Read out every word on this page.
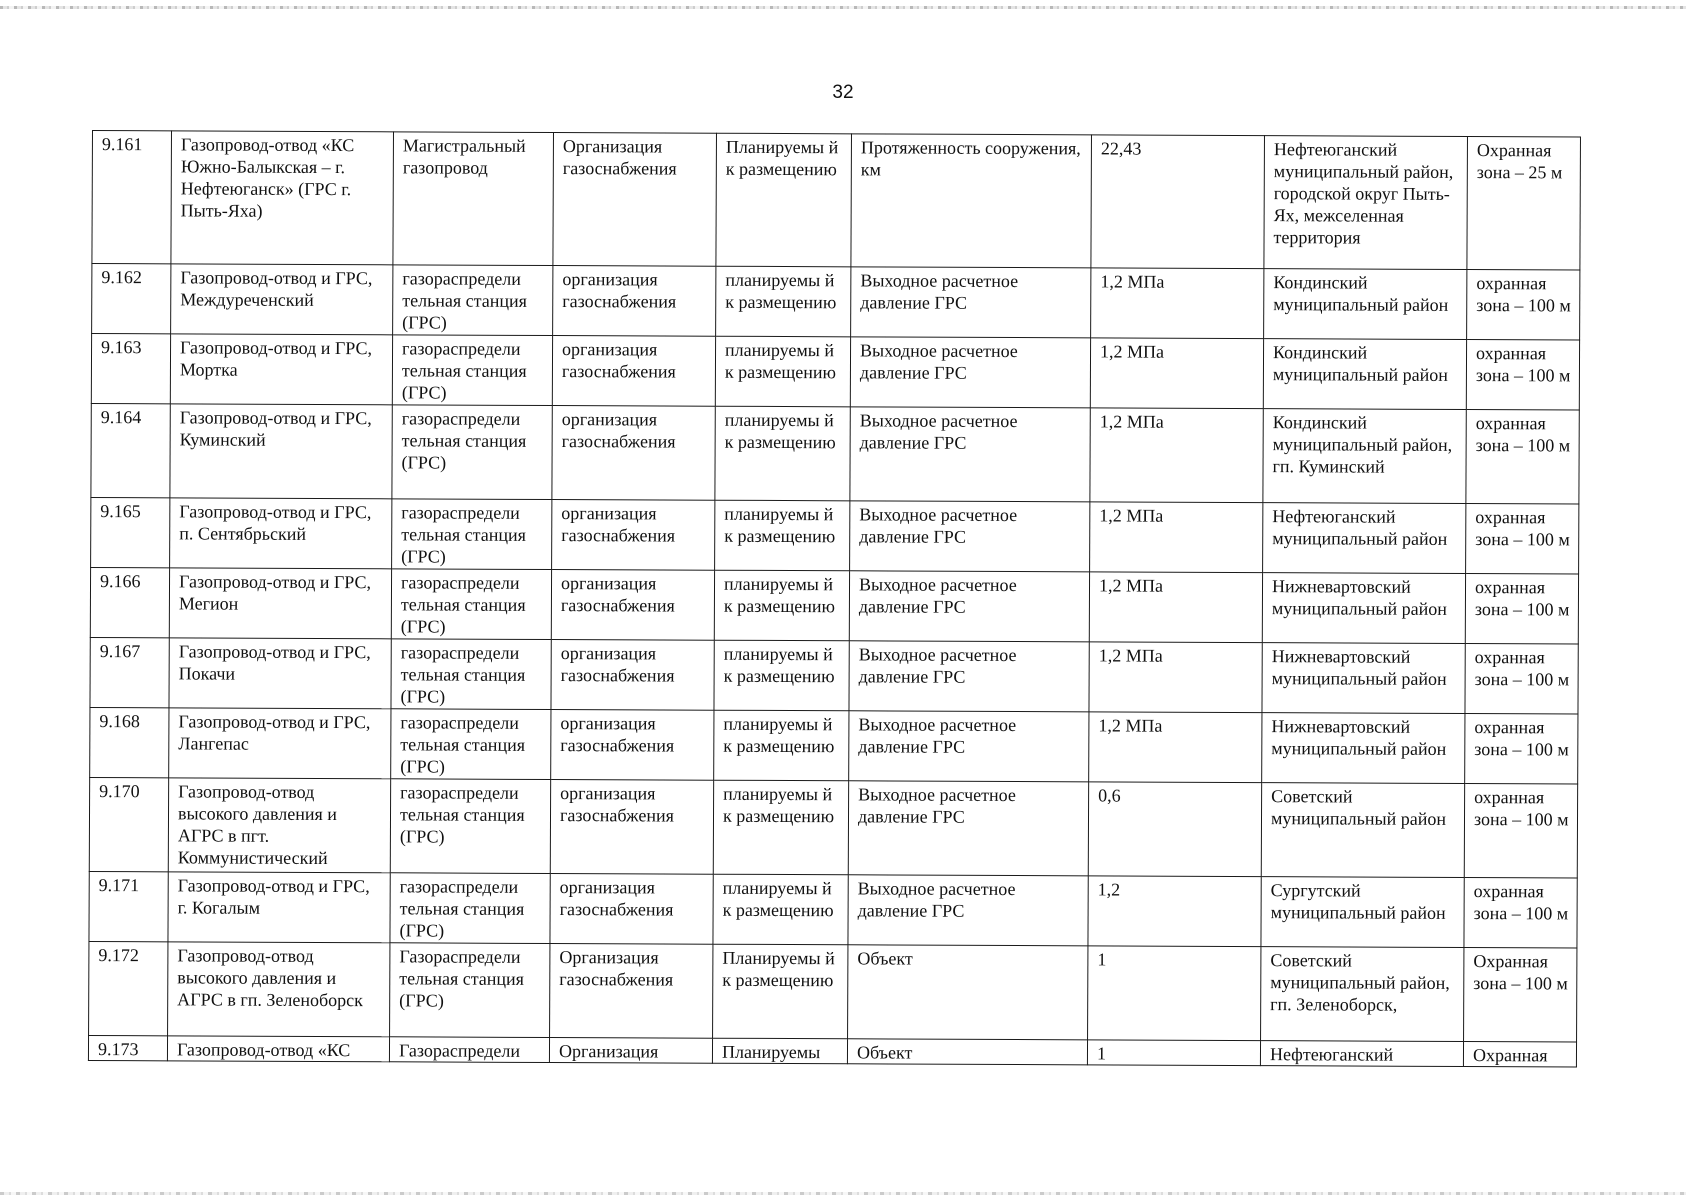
32
9.161	Газопровод-отвод «КС Южно-Балыкская – г. Нефтеюганск» (ГРС г. Пыть-Яха)	Магистральный газопровод	Организация газоснабжения	Планируемы й к размещению	Протяженность сооружения, км	22,43	Нефтеюганский муниципальный район, городской округ Пыть-Ях, межселенная территория	Охранная зона – 25 м
9.162	Газопровод-отвод и ГРС, Междуреченский	газораспредели тельная станция (ГРС)	организация газоснабжения	планируемы й к размещению	Выходное расчетное давление ГРС	1,2 МПа	Кондинский муниципальный район	охранная зона – 100 м
9.163	Газопровод-отвод и ГРС, Мортка	газораспредели тельная станция (ГРС)	организация газоснабжения	планируемы й к размещению	Выходное расчетное давление ГРС	1,2 МПа	Кондинский муниципальный район	охранная зона – 100 м
9.164	Газопровод-отвод и ГРС, Куминский	газораспредели тельная станция (ГРС)	организация газоснабжения	планируемы й к размещению	Выходное расчетное давление ГРС	1,2 МПа	Кондинский муниципальный район, гп. Куминский	охранная зона – 100 м
9.165	Газопровод-отвод и ГРС, п. Сентябрьский	газораспредели тельная станция (ГРС)	организация газоснабжения	планируемы й к размещению	Выходное расчетное давление ГРС	1,2 МПа	Нефтеюганский муниципальный район	охранная зона – 100 м
9.166	Газопровод-отвод и ГРС, Мегион	газораспредели тельная станция (ГРС)	организация газоснабжения	планируемы й к размещению	Выходное расчетное давление ГРС	1,2 МПа	Нижневартовский муниципальный район	охранная зона – 100 м
9.167	Газопровод-отвод и ГРС, Покачи	газораспредели тельная станция (ГРС)	организация газоснабжения	планируемы й к размещению	Выходное расчетное давление ГРС	1,2 МПа	Нижневартовский муниципальный район	охранная зона – 100 м
9.168	Газопровод-отвод и ГРС, Лангепас	газораспредели тельная станция (ГРС)	организация газоснабжения	планируемы й к размещению	Выходное расчетное давление ГРС	1,2 МПа	Нижневартовский муниципальный район	охранная зона – 100 м
9.170	Газопровод-отвод высокого давления и АГРС в пгт. Коммунистический	газораспредели тельная станция (ГРС)	организация газоснабжения	планируемы й к размещению	Выходное расчетное давление ГРС	0,6	Советский муниципальный район	охранная зона – 100 м
9.171	Газопровод-отвод и ГРС, г. Когалым	газораспредели тельная станция (ГРС)	организация газоснабжения	планируемы й к размещению	Выходное расчетное давление ГРС	1,2	Сургутский муниципальный район	охранная зона – 100 м
9.172	Газопровод-отвод высокого давления и АГРС в гп. Зеленоборск	Газораспредели тельная станция (ГРС)	Организация газоснабжения	Планируемы й к размещению	Объект	1	Советский муниципальный район, гп. Зеленоборск,	Охранная зона – 100 м
9.173	Газопровод-отвод «КС	Газораспредели	Организация	Планируемы	Объект	1	Нефтеюганский	Охранная
